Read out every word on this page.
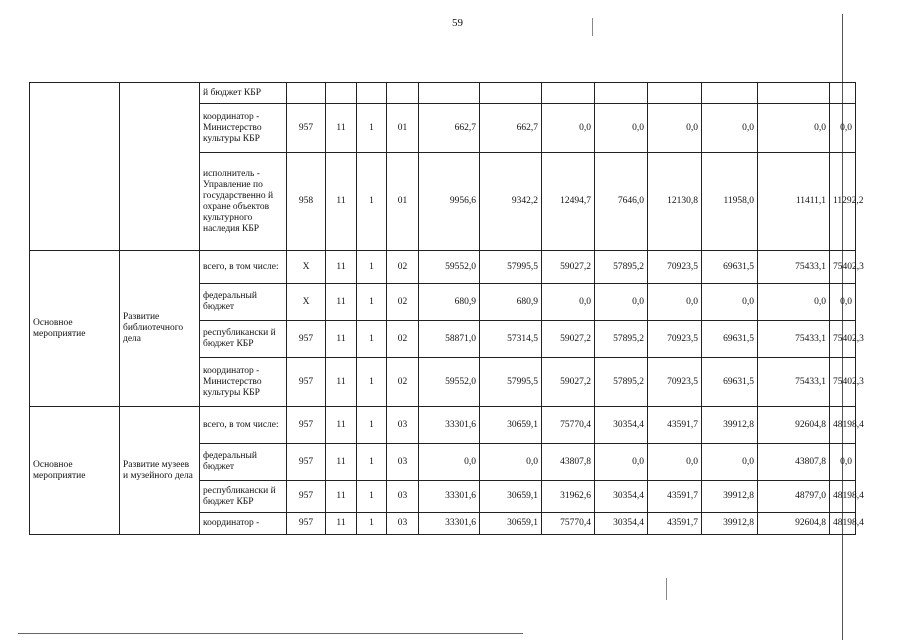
59
		й бюджет КБР												
		координатор - Министерство культуры КБР	957	11	1	01	662,7	662,7	0,0	0,0	0,0	0,0	0,0	0,0
		исполнитель - Управление по государственно й охране объектов культурного наследия КБР	958	11	1	01	9956,6	9342,2	12494,7	7646,0	12130,8	11958,0	11411,1	11292,2
Основное мероприятие	Развитие библиотечного дела	всего, в том числе:	Х	11	1	02	59552,0	57995,5	59027,2	57895,2	70923,5	69631,5	75433,1	75402,3
		федеральный бюджет	Х	11	1	02	680,9	680,9	0,0	0,0	0,0	0,0	0,0	0,0
		республикански й бюджет КБР	957	11	1	02	58871,0	57314,5	59027,2	57895,2	70923,5	69631,5	75433,1	75402,3
		координатор - Министерство культуры КБР	957	11	1	02	59552,0	57995,5	59027,2	57895,2	70923,5	69631,5	75433,1	75402,3
Основное мероприятие	Развитие музеев и музейного дела	всего, в том числе:	957	11	1	03	33301,6	30659,1	75770,4	30354,4	43591,7	39912,8	92604,8	48198,4
		федеральный бюджет	957	11	1	03	0,0	0,0	43807,8	0,0	0,0	0,0	43807,8	0,0
		республикански й бюджет КБР	957	11	1	03	33301,6	30659,1	31962,6	30354,4	43591,7	39912,8	48797,0	48198,4
		координатор -	957	11	1	03	33301,6	30659,1	75770,4	30354,4	43591,7	39912,8	92604,8	48198,4
